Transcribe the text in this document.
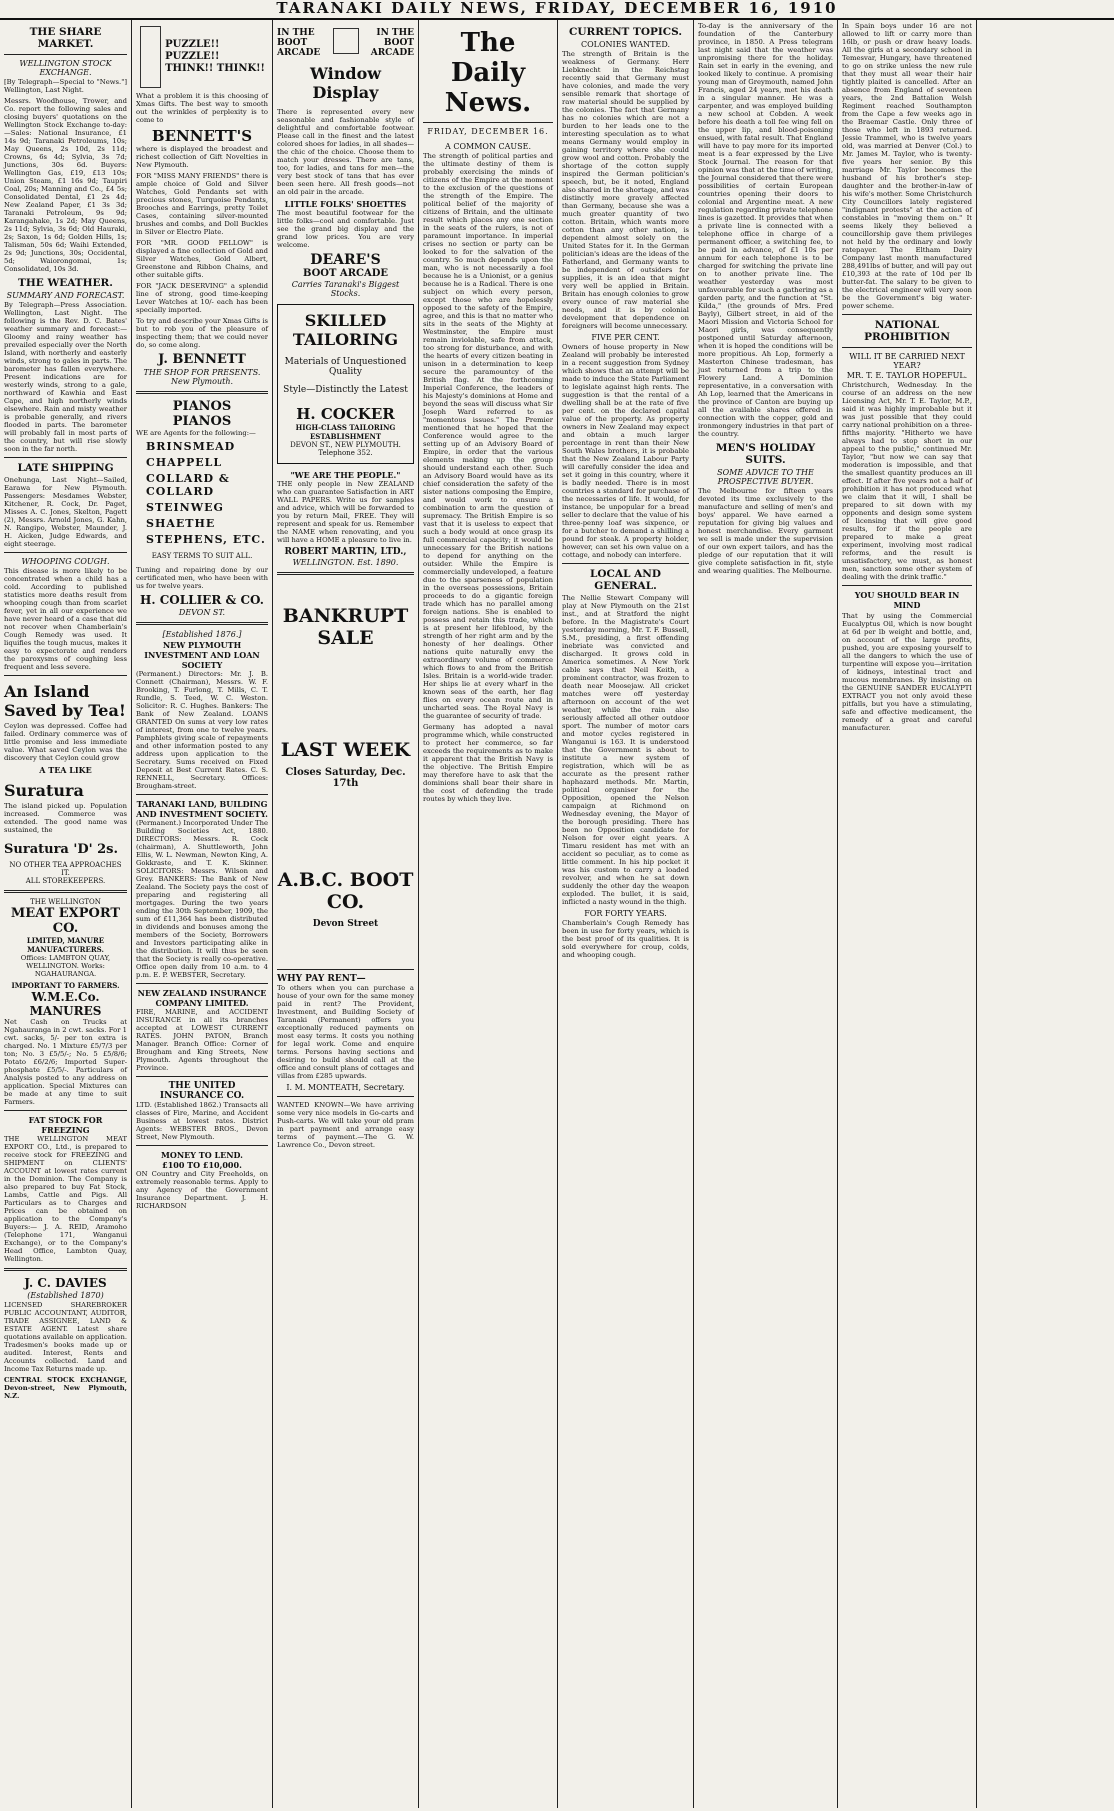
TARANAKI DAILY NEWS, FRIDAY, DECEMBER 16, 1910
THE SHARE MARKET.
WELLINGTON STOCK EXCHANGE.

[By Telegraph—Special to "News."] Wellington, Last Night.

Messrs. Woodhouse, Trower, and Co. report the following sales and closing buyers' quotations on the Wellington Stock Exchange to-day:—Sales: National Insurance, £1 14s 9d; Taranaki Petroleums, 10s; May Queens, 2s 10d, 2s 11d; Crowns, 6s 4d; Sylvia, 3s 7d; Junctions, 30s 6d. Buyers: Wellington Gas, £19, £13 10s; Union Steam, £1 16s 9d; Taupiri Coal, 20s; Manning and Co., £4 5s; Consolidated Dental, £1 2s 4d; New Zealand Paper, £1 3s 3d; Taranaki Petroleum, 9s 9d; Karangahake, 1s 2d; May Queens, 2s 11d; Sylvia, 3s 6d; Old Hauraki, 2s; Saxon, 1s 6d; Golden Hills, 1s; Talisman, 50s 6d; Waihi Extended, 2s 9d; Junctions, 30s; Occidental, 5d; Waiorongomai, 1s; Consolidated, 10s 3d.

THE WEATHER.
SUMMARY AND FORECAST.

By Telegraph—Press Association. Wellington, Last Night. The following is the Rev. D. C. Bates' weather summary and forecast:—Gloomy and rainy weather has prevailed especially over the North Island, with northerly and easterly winds, strong to gales in parts. The barometer has fallen everywhere. Present indications are for westerly winds, strong to a gale, northward of Kawhia and East Cape, and high northerly winds elsewhere. Rain and misty weather is probable generally, and rivers flooded in parts. The barometer will probably fall in most parts of the country, but will rise slowly soon in the far north.

LATE SHIPPING

Onehunga, Last Night—Sailed, Earawa for New Plymouth. Passengers: Mesdames Webster, Kitchener, R. Cock, Dr. Paget, Misses A. C. Jones, Skelton, Pagett (2), Messrs. Arnold Jones, G. Kahn, N. Rangipo, Webster, Maunder, J. H. Aicken, Judge Edwards, and eight steerage.

WHOOPING COUGH.

This disease is more likely to be concentrated when a child has a cold. According to published statistics more deaths result from whooping cough than from scarlet fever, yet in all our experience we have never heard of a case that did not recover when Chamberlain's Cough Remedy was used. It liquifies the tough mucus, makes it easy to expectorate and renders the paroxysms of coughing less frequent and less severe.

An Island Saved by Tea!

Ceylon was depressed. Coffee had failed. Ordinary commerce was of little promise and less immediate value. What saved Ceylon was the discovery that Ceylon could grow

A TEA LIKE
Suratura

The island picked up. Population increased. Commerce was extended. The good name was sustained, the

Suratura 'D' 2s.
NO OTHER TEA APPROACHES IT.
ALL STOREKEEPERS.
THE WELLINGTON
MEAT EXPORT CO.
LIMITED, MANURE MANUFACTURERS.

Offices: LAMBTON QUAY, WELLINGTON. Works: NGAHAURANGA.

IMPORTANT TO FARMERS.
W.M.E.Co. MANURES

Net Cash on Trucks at Ngahauranga in 2 cwt. sacks. For 1 cwt. sacks, 5/- per ton extra is charged. No. 1 Mixture £5/7/3 per ton; No. 3 £5/5/-; No. 5 £5/8/6; Potato £6/2/6; Imported Super-phosphate £5/5/-. Particulars of Analysis posted to any address on application. Special Mixtures can be made at any time to suit Farmers.

FAT STOCK FOR FREEZING

THE WELLINGTON MEAT EXPORT CO., Ltd., is prepared to receive stock for FREEZING and SHIPMENT on CLIENTS' ACCOUNT at lowest rates current in the Dominion. The Company is also prepared to buy Fat Stock, Lambs, Cattle and Pigs. All Particulars as to Charges and Prices can be obtained on application to the Company's Buyers:— J. A. REID, Aramoho (Telephone 171, Wanganui Exchange), or to the Company's Head Office, Lambton Quay, Wellington.

J. C. DAVIES
(Established 1870)

LICENSED SHAREBROKER PUBLIC ACCOUNTANT, AUDITOR, TRADE ASSIGNEE, LAND & ESTATE AGENT. Latest share quotations available on application. Tradesmen's books made up or audited. Interest, Rents and Accounts collected. Land and Income Tax Returns made up.

CENTRAL STOCK EXCHANGE, Devon-street, New Plymouth, N.Z.

PUZZLE!! PUZZLE!! THINK!! THINK!!

What a problem it is this choosing of Xmas Gifts. The best way to smooth out the wrinkles of perplexity is to come to

BENNETT'S

where is displayed the broadest and richest collection of Gift Novelties in New Plymouth.

FOR "MISS MANY FRIENDS" there is ample choice of Gold and Silver Watches, Gold Pendants set with precious stones, Turquoise Pendants, Brooches and Earrings, pretty Toilet Cases, containing silver-mounted brushes and combs, and Doll Buckles in Silver or Electro Plate.

FOR "MR. GOOD FELLOW" is displayed a fine collection of Gold and Silver Watches, Gold Albert, Greenstone and Ribbon Chains, and other suitable gifts.

FOR "JACK DESERVING" a splendid line of strong, good time-keeping Lever Watches at 10/- each has been specially imported.

To try and describe your Xmas Gifts is but to rob you of the pleasure of inspecting them; that we could never do, so come along.

J. BENNETT
THE SHOP FOR PRESENTS. New Plymouth.
PIANOS PIANOS

WE are Agents for the following:—

BRINSMEAD
CHAPPELL
COLLARD & COLLARD
STEINWEG
SHAETHE
STEPHENS, ETC.
EASY TERMS TO SUIT ALL.

Tuning and repairing done by our certificated men, who have been with us for twelve years.

H. COLLIER & CO.
DEVON ST.
[Established 1876.]
NEW PLYMOUTH INVESTMENT AND LOAN SOCIETY

(Permanent.) Directors: Mr. J. B. Connett (Chairman), Messrs. W. F. Brooking, T. Furlong, T. Mills, C. T. Rundle, S. Teed, W. C. Weston. Solicitor: R. C. Hughes. Bankers: The Bank of New Zealand. LOANS GRANTED On sums at very low rates of interest, from one to twelve years. Pamphlets giving scale of repayments and other information posted to any address upon application to the Secretary. Sums received on Fixed Deposit at Best Current Rates. C. S. RENNELL, Secretary. Offices: Brougham-street.

TARANAKI LAND, BUILDING AND INVESTMENT SOCIETY.

(Permanent.) Incorporated Under The Building Societies Act, 1880. DIRECTORS: Messrs. R. Cock (chairman), A. Shuttleworth, John Ellis, W. L. Newman, Newton King, A. Gokkraste, and T. K. Skinner. SOLICITORS: Messrs. Wilson and Grey. BANKERS: The Bank of New Zealand. The Society pays the cost of preparing and registering all mortgages. During the two years ending the 30th September, 1909, the sum of £11,364 has been distributed in dividends and bonuses among the members of the Society, Borrowers and Investors participating alike in the distribution. It will thus be seen that the Society is really co-operative. Office open daily from 10 a.m. to 4 p.m. E. P. WEBSTER, Secretary.

NEW ZEALAND INSURANCE COMPANY LIMITED.

FIRE, MARINE, and ACCIDENT INSURANCE in all its branches accepted at LOWEST CURRENT RATES. JOHN PATON, Branch Manager. Branch Office: Corner of Brougham and King Streets, New Plymouth. Agents throughout the Province.

THE UNITED INSURANCE CO.

LTD. (Established 1862.) Transacts all classes of Fire, Marine, and Accident Business at lowest rates. District Agents: WEBSTER BROS., Devon Street, New Plymouth.

MONEY TO LEND.
£100 TO £10,000.

ON Country and City Freeholds, on extremely reasonable terms. Apply to any Agency of the Government Insurance Department. J. H. RICHARDSON

IN THE BOOT ARCADE
IN THE BOOT ARCADE
Window Display

There is represented every new seasonable and fashionable style of delightful and comfortable footwear. Please call in the finest and the latest colored shoes for ladies, in all shades—the chic of the choice. Choose them to match your dresses. There are tans, too, for ladies, and tans for men—the very best stock of tans that has ever been seen here. All fresh goods—not an old pair in the arcade.

LITTLE FOLKS' SHOETTES

The most beautiful footwear for the little folks—cool and comfortable. Just see the grand big display and the grand low prices. You are very welcome.

DEARE'S
BOOT ARCADE
Carries Taranaki's Biggest Stocks.
SKILLED TAILORING
Materials of Unquestioned Quality
Style—Distinctly the Latest
H. COCKER
HIGH-CLASS TAILORING ESTABLISHMENT
DEVON ST., NEW PLYMOUTH.
Telephone 352.
"WE ARE THE PEOPLE."

THE only people in New ZEALAND who can guarantee Satisfaction in ART WALL PAPERS. Write us for samples and advice, which will be forwarded to you by return Mail, FREE. They will represent and speak for us. Remember the NAME when renovating, and you will have a HOME a pleasure to live in.

ROBERT MARTIN, LTD.,
WELLINGTON. Est. 1890.
BANKRUPT SALE
LAST WEEK
Closes Saturday, Dec. 17th
A.B.C. BOOT CO.
Devon Street
WHY PAY RENT—

To others when you can purchase a house of your own for the same money paid in rent? The Provident, Investment, and Building Society of Taranaki (Permanent) offers you exceptionally reduced payments on most easy terms. It costs you nothing for legal work. Come and enquire terms. Persons having sections and desiring to build should call at the office and consult plans of cottages and villas from £285 upwards.

I. M. MONTEATH, Secretary.

WANTED KNOWN—We have arriving some very nice models in Go-carts and Push-carts. We will take your old pram in part payment and arrange easy terms of payment.—The G. W. Lawrence Co., Devon street.

The Daily News.
FRIDAY, DECEMBER 16.
A COMMON CAUSE.

The strength of political parties and the ultimate destiny of them is probably exercising the minds of citizens of the Empire at the moment to the exclusion of the questions of the strength of the Empire. The political belief of the majority of citizens of Britain, and the ultimate result which places any one section in the seats of the rulers, is not of paramount importance. In imperial crises no section or party can be looked to for the salvation of the country. So much depends upon the man, who is not necessarily a fool because he is a Unionist, or a genius because he is a Radical. There is one subject on which every person, except those who are hopelessly opposed to the safety of the Empire, agree, and this is that no matter who sits in the seats of the Mighty at Westminster, the Empire must remain inviolable, safe from attack, too strong for disturbance, and with the hearts of every citizen beating in unison in a determination to keep secure the paramountcy of the British flag. At the forthcoming Imperial Conference, the leaders of his Majesty's dominions at Home and beyond the seas will discuss what Sir Joseph Ward referred to as "momentous issues." The Premier mentioned that he hoped that the Conference would agree to the setting up of an Advisory Board of Empire, in order that the various elements making up the group should understand each other. Such an Advisory Board would have as its chief consideration the safety of the sister nations composing the Empire, and would work to ensure a combination to arm the question of supremacy. The British Empire is so vast that it is useless to expect that such a body would at once grasp its full commercial capacity; it would be unnecessary for the British nations to depend for anything on the outsider. While the Empire is commercially undeveloped, a feature due to the sparseness of population in the overseas possessions, Britain proceeds to do a gigantic foreign trade which has no parallel among foreign nations. She is enabled to possess and retain this trade, which is at present her lifeblood, by the strength of her right arm and by the honesty of her dealings. Other nations quite naturally envy the extraordinary volume of commerce which flows to and from the British Isles. Britain is a world-wide trader. Her ships lie at every wharf in the known seas of the earth, her flag flies on every ocean route and in uncharted seas. The Royal Navy is the guarantee of security of trade.

Germany has adopted a naval programme which, while constructed to protect her commerce, so far exceeds the requirements as to make it apparent that the British Navy is the objective. The British Empire may therefore have to ask that the dominions shall bear their share in the cost of defending the trade routes by which they live.

CURRENT TOPICS.
COLONIES WANTED.

The strength of Britain is the weakness of Germany. Herr Liebknecht in the Reichstag recently said that Germany must have colonies, and made the very sensible remark that shortage of raw material should be supplied by the colonies. The fact that Germany has no colonies which are not a burden to her leads one to the interesting speculation as to what means Germany would employ in gaining territory where she could grow wool and cotton. Probably the shortage of the cotton supply inspired the German politician's speech, but, be it noted, England also shared in the shortage, and was distinctly more gravely affected than Germany, because she was a much greater quantity of two cotton. Britain, which wants more cotton than any other nation, is dependent almost solely on the United States for it. In the German politician's ideas are the ideas of the Fatherland, and Germany wants to be independent of outsiders for supplies, it is an idea that might very well be applied in Britain. Britain has enough colonies to grow every ounce of raw material she needs, and it is by colonial development that dependence on foreigners will become unnecessary.

FIVE PER CENT.

Owners of house property in New Zealand will probably be interested in a recent suggestion from Sydney which shows that an attempt will be made to induce the State Parliament to legislate against high rents. The suggestion is that the rental of a dwelling shall be at the rate of five per cent. on the declared capital value of the property. As property owners in New Zealand may expect and obtain a much larger percentage in rent than their New South Wales brothers, it is probable that the New Zealand Labour Party will carefully consider the idea and set it going in this country, where it is badly needed. There is in most countries a standard for purchase of the necessaries of life. It would, for instance, be unpopular for a bread seller to declare that the value of his three-penny loaf was sixpence, or for a butcher to demand a shilling a pound for steak. A property holder, however, can set his own value on a cottage, and nobody can interfere.

LOCAL AND GENERAL.

The Nellie Stewart Company will play at New Plymouth on the 21st inst., and at Stratford the night before. In the Magistrate's Court yesterday morning, Mr. T. F. Bussell, S.M., presiding, a first offending inebriate was convicted and discharged. It grows cold in America sometimes. A New York cable says that Neil Keith, a prominent contractor, was frozen to death near Moosejaw. All cricket matches were off yesterday afternoon on account of the wet weather, while the rain also seriously affected all other outdoor sport. The number of motor cars and motor cycles registered in Wanganui is 163. It is understood that the Government is about to institute a new system of registration, which will be as accurate as the present rather haphazard methods. Mr. Martin, political organiser for the Opposition, opened the Nelson campaign at Richmond on Wednesday evening, the Mayor of the borough presiding. There has been no Opposition candidate for Nelson for over eight years. A Timaru resident has met with an accident so peculiar, as to come as little comment. In his hip pocket it was his custom to carry a loaded revolver, and when he sat down suddenly the other day the weapon exploded. The bullet, it is said, inflicted a nasty wound in the thigh.

FOR FORTY YEARS.

Chamberlain's Cough Remedy has been in use for forty years, which is the best proof of its qualities. It is sold everywhere for croup, colds, and whooping cough.

To-day is the anniversary of the foundation of the Canterbury province, in 1850. A Press telegram last night said that the weather was unpromising there for the holiday. Rain set in early in the evening, and looked likely to continue. A promising young man of Greymouth, named John Francis, aged 24 years, met his death in a singular manner. He was a carpenter, and was employed building a new school at Cobden. A week before his death a toll fee wing fell on the upper lip, and blood-poisoning ensued, with fatal result. That England will have to pay more for its imported meat is a fear expressed by the Live Stock Journal. The reason for that opinion was that at the time of writing, the Journal considered that there were possibilities of certain European countries opening their doors to colonial and Argentine meat. A new regulation regarding private telephone lines is gazetted. It provides that when a private line is connected with a telephone office in charge of a permanent officer, a switching fee, to be paid in advance, of £1 10s per annum for each telephone is to be charged for switching the private line on to another private line. The weather yesterday was most unfavourable for such a gathering as a garden party, and the function at "St. Kilda," (the grounds of Mrs. Fred Bayly), Gilbert street, in aid of the Maori Mission and Victoria School for Maori girls, was consequently postponed until Saturday afternoon, when it is hoped the conditions will be more propitious. Ah Lop, formerly a Masterton Chinese tradesman, has just returned from a trip to the Flowery Land. A Dominion representative, in a conversation with Ah Lop, learned that the Americans in the province of Canton are buying up all the available shares offered in connection with the copper, gold and ironmongery industries in that part of the country.

MEN'S HOLIDAY SUITS.
SOME ADVICE TO THE PROSPECTIVE BUYER.

The Melbourne for fifteen years devoted its time exclusively to the manufacture and selling of men's and boys' apparel. We have earned a reputation for giving big values and honest merchandise. Every garment we sell is made under the supervision of our own expert tailors, and has the pledge of our reputation that it will give complete satisfaction in fit, style and wearing qualities. The Melbourne.

In Spain boys under 16 are not allowed to lift or carry more than 16lb, or push or draw heavy loads. All the girls at a secondary school in Temesvar, Hungary, have threatened to go on strike unless the new rule that they must all wear their hair tightly plaited is cancelled. After an absence from England of seventeen years, the 2nd Battalion Welsh Regiment reached Southampton from the Cape a few weeks ago in the Braemar Castle. Only three of those who left in 1893 returned. Jessie Trammel, who is twelve years old, was married at Denver (Col.) to Mr. James M. Taylor, who is twenty-five years her senior. By this marriage Mr. Taylor becomes the husband of his brother's step-daughter and the brother-in-law of his wife's mother. Some Christchurch City Councillors lately registered "indignant protests" at the action of constables in "moving them on." It seems likely they believed a councillorship gave them privileges not held by the ordinary and lowly ratepayer. The Eltham Dairy Company last month manufactured 288,491lbs of butter, and will pay out £10,393 at the rate of 10d per lb butter-fat. The salary to be given to the electrical engineer will very soon be the Government's big water-power scheme.

NATIONAL PROHIBITION
WILL IT BE CARRIED NEXT YEAR?
MR. T. E. TAYLOR HOPEFUL.

Christchurch, Wednesday. In the course of an address on the new Licensing Act, Mr. T. E. Taylor, M.P., said it was highly improbable but it was just possible that they could carry national prohibition on a three-fifths majority. "Hitherto we have always had to stop short in our appeal to the public," continued Mr. Taylor, "but now we can say that moderation is impossible, and that the smallest quantity produces an ill effect. If after five years not a half of prohibition it has not produced what we claim that it will, I shall be prepared to sit down with my opponents and design some system of licensing that will give good results, for if the people are prepared to make a great experiment, involving most radical reforms, and the result is unsatisfactory, we must, as honest men, sanction some other system of dealing with the drink traffic."

YOU SHOULD BEAR IN MIND

That by using the Commercial Eucalyptus Oil, which is now bought at 6d per lb weight and bottle, and, on account of the large profits, pushed, you are exposing yourself to all the dangers to which the use of turpentine will expose you—irritation of kidneys, intestinal tract and mucous membranes. By insisting on the GENUINE SANDER EUCALYPTI EXTRACT you not only avoid these pitfalls, but you have a stimulating, safe and effective medicament, the remedy of a great and careful manufacturer.
